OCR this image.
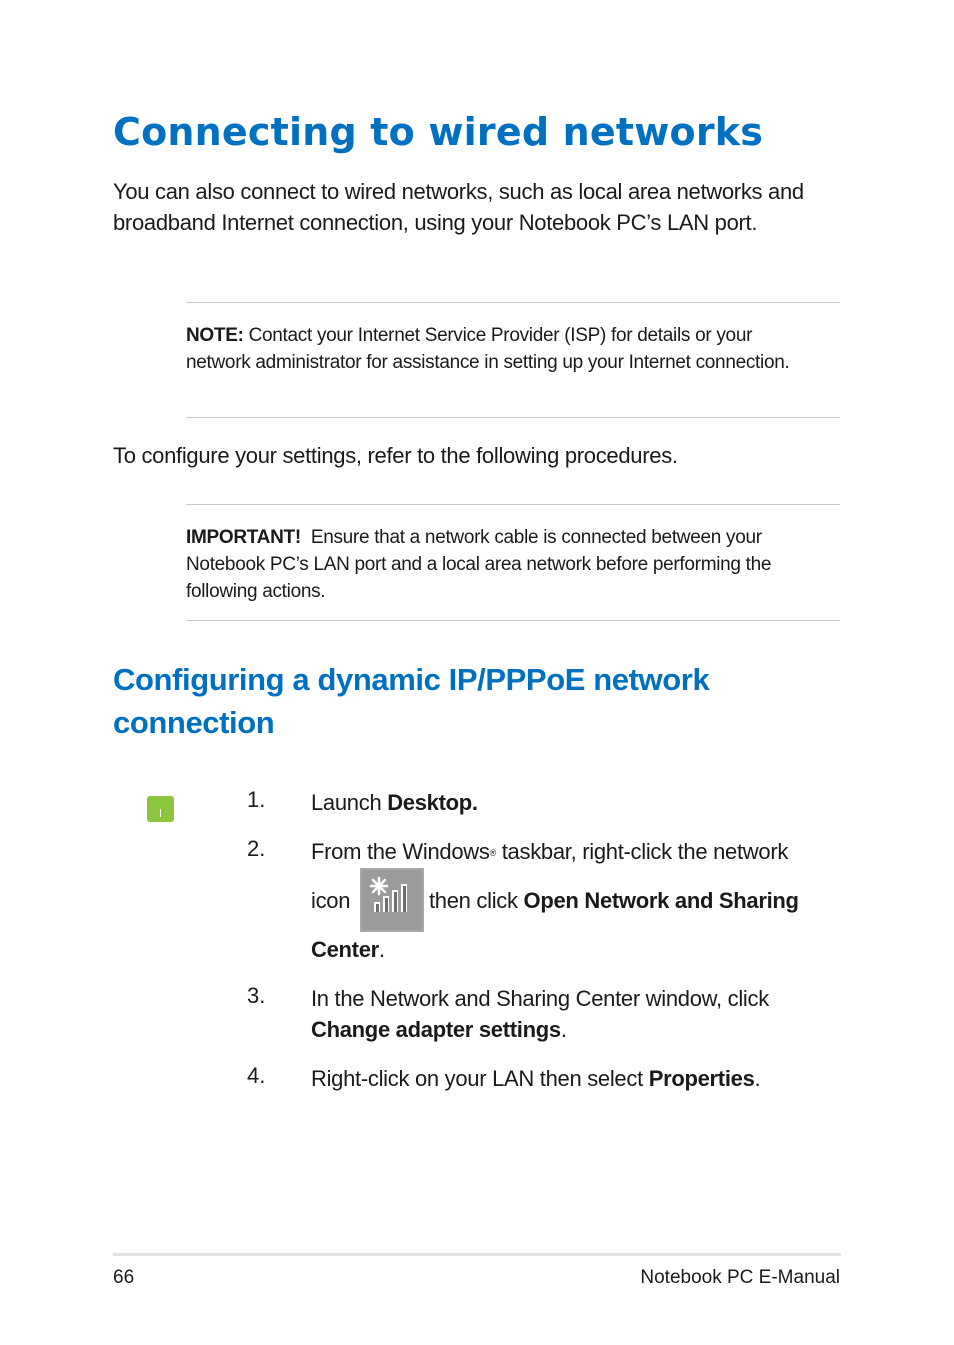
Connecting to wired networks
You can also connect to wired networks, such as local area networks and broadband Internet connection, using your Notebook PC’s LAN port.
NOTE: Contact your Internet Service Provider (ISP) for details or your network administrator for assistance in setting up your Internet connection.
To configure your settings, refer to the following procedures.
IMPORTANT! Ensure that a network cable is connected between your Notebook PC’s LAN port and a local area network before performing the following actions.
Configuring a dynamic IP/PPPoE network connection
1.	Launch Desktop.
2.	From the Windows® taskbar, right-click the network
icon	then click Open Network and Sharing
Center.
3.	In the Network and Sharing Center window, click Change adapter settings.
4.	Right-click on your LAN then select Properties.
66	Notebook PC E-Manual
